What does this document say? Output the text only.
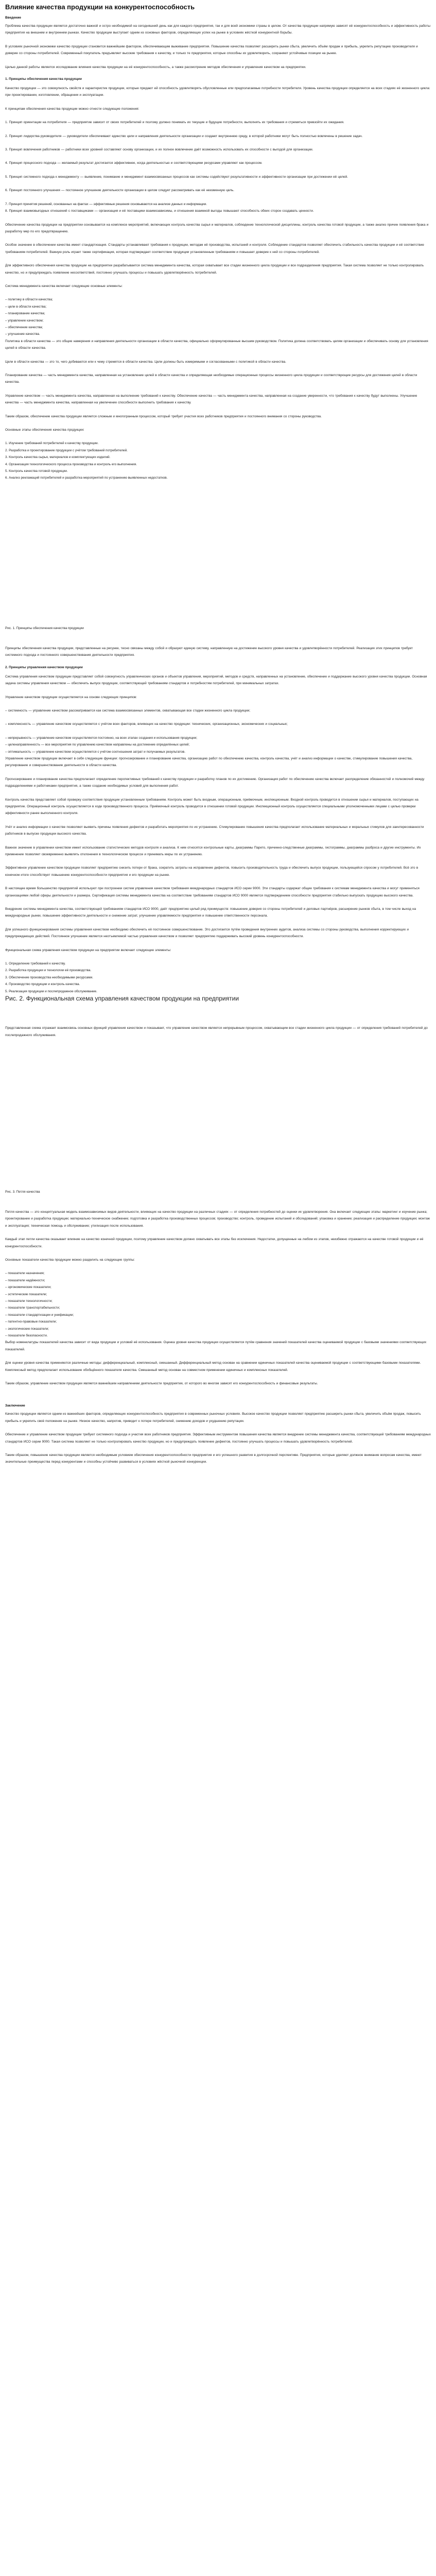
Влияние качества продукции на конкурентоспособность
Введение

Проблема качества продукции является достаточно важной и остро необходимой на сегодняшний день как для каждого предприятия, так и для всей экономики страны в целом. От качества продукции напрямую зависят её конкурентоспособность и эффективность работы предприятия на внешнем и внутреннем рынках. Качество продукции выступает одним из основных факторов, определяющих успех на рынке в условиях жёсткой конкурентной борьбы.

В условиях рыночной экономики качество продукции становится важнейшим фактором, обеспечивающим выживание предприятия. Повышение качества позволяет расширить рынки сбыта, увеличить объём продаж и прибыль, укрепить репутацию производителя и доверие со стороны потребителей. Современный покупатель предъявляет высокие требования к качеству, и только те предприятия, которые способны их удовлетворить, сохраняют устойчивые позиции на рынке.

Целью данной работы является исследование влияния качества продукции на её конкурентоспособность, а также рассмотрение методов обеспечения и управления качеством на предприятии.

1. Принципы обеспечения качества продукции

Качество продукции — это совокупность свойств и характеристик продукции, которые придают ей способность удовлетворять обусловленные или предполагаемые потребности потребителя. Уровень качества продукции определяется на всех стадиях её жизненного цикла: при проектировании, изготовлении, обращении и эксплуатации.

К принципам обеспечения качества продукции можно отнести следующие положения:

1. Принцип ориентации на потребителя — предприятие зависит от своих потребителей и поэтому должно понимать их текущие и будущие потребности, выполнять их требования и стремиться превзойти их ожидания.

2. Принцип лидерства руководителя — руководители обеспечивают единство цели и направления деятельности организации и создают внутреннюю среду, в которой работники могут быть полностью вовлечены в решение задач.

3. Принцип вовлечения работников — работники всех уровней составляют основу организации, и их полное вовлечение даёт возможность использовать их способности с выгодой для организации.

4. Принцип процессного подхода — желаемый результат достигается эффективнее, когда деятельностью и соответствующими ресурсами управляют как процессом.

5. Принцип системного подхода к менеджменту — выявление, понимание и менеджмент взаимосвязанных процессов как системы содействуют результативности и эффективности организации при достижении её целей.

6. Принцип постоянного улучшения — постоянное улучшение деятельности организации в целом следует рассматривать как её неизменную цель.

7. Принцип принятия решений, основанных на фактах — эффективные решения основываются на анализе данных и информации.

8. Принцип взаимовыгодных отношений с поставщиками — организация и её поставщики взаимозависимы, и отношения взаимной выгоды повышают способность обеих сторон создавать ценности.

Обеспечение качества продукции на предприятии основывается на комплексе мероприятий, включающих контроль качества сырья и материалов, соблюдение технологической дисциплины, контроль качества готовой продукции, а также анализ причин появления брака и разработку мер по его предотвращению.

Особое значение в обеспечении качества имеет стандартизация. Стандарты устанавливают требования к продукции, методам её производства, испытаний и контроля. Соблюдение стандартов позволяет обеспечить стабильность качества продукции и её соответствие требованиям потребителей. Важную роль играет также сертификация, которая подтверждает соответствие продукции установленным требованиям и повышает доверие к ней со стороны потребителей.

Для эффективного обеспечения качества продукции на предприятии разрабатывается система менеджмента качества, которая охватывает все стадии жизненного цикла продукции и все подразделения предприятия. Такая система позволяет не только контролировать качество, но и предупреждать появление несоответствий, постоянно улучшать процессы и повышать удовлетворённость потребителей.

Система менеджмента качества включает следующие основные элементы:

– политику в области качества;

– цели в области качества;

– планирование качества;

– управление качеством;

– обеспечение качества;

– улучшение качества.

Политика в области качества — это общие намерения и направления деятельности организации в области качества, официально сформулированные высшим руководством. Политика должна соответствовать целям организации и обеспечивать основу для установления целей в области качества.

Цели в области качества — это то, чего добиваются или к чему стремятся в области качества. Цели должны быть измеримыми и согласованными с политикой в области качества.

Планирование качества — часть менеджмента качества, направленная на установление целей в области качества и определяющая необходимые операционные процессы жизненного цикла продукции и соответствующие ресурсы для достижения целей в области качества.

Управление качеством — часть менеджмента качества, направленная на выполнение требований к качеству. Обеспечение качества — часть менеджмента качества, направленная на создание уверенности, что требования к качеству будут выполнены. Улучшение качества — часть менеджмента качества, направленная на увеличение способности выполнить требования к качеству.

Таким образом, обеспечение качества продукции является сложным и многогранным процессом, который требует участия всех работников предприятия и постоянного внимания со стороны руководства.

Основные этапы обеспечения качества продукции:

1. Изучение требований потребителей к качеству продукции.

2. Разработка и проектирование продукции с учётом требований потребителей.

3. Контроль качества сырья, материалов и комплектующих изделий.

4. Организация технологического процесса производства и контроль его выполнения.

5. Контроль качества готовой продукции.

6. Анализ рекламаций потребителей и разработка мероприятий по устранению выявленных недостатков.

Рис. 1. Принципы обеспечения качества продукции

Принципы обеспечения качества продукции, представленные на рисунке, тесно связаны между собой и образуют единую систему, направленную на достижение высокого уровня качества и удовлетворённости потребителей. Реализация этих принципов требует системного подхода и постоянного совершенствования деятельности предприятия.

2. Принципы управления качеством продукции

Система управления качеством продукции представляет собой совокупность управленческих органов и объектов управления, мероприятий, методов и средств, направленных на установление, обеспечение и поддержание высокого уровня качества продукции. Основная задача системы управления качеством — обеспечить выпуск продукции, соответствующей требованиям стандартов и потребностям потребителей, при минимальных затратах.

Управление качеством продукции осуществляется на основе следующих принципов:

– системность — управление качеством рассматривается как система взаимосвязанных элементов, охватывающая все стадии жизненного цикла продукции;

– комплексность — управление качеством осуществляется с учётом всех факторов, влияющих на качество продукции: технических, организационных, экономических и социальных;

– непрерывность — управление качеством осуществляется постоянно, на всех этапах создания и использования продукции;

– целенаправленность — все мероприятия по управлению качеством направлены на достижение определённых целей;

– оптимальность — управление качеством осуществляется с учётом соотношения затрат и получаемых результатов.

Управление качеством продукции включает в себя следующие функции: прогнозирование и планирование качества, организацию работ по обеспечению качества, контроль качества, учёт и анализ информации о качестве, стимулирование повышения качества, регулирование и совершенствование деятельности в области качества.

Прогнозирование и планирование качества предполагают определение перспективных требований к качеству продукции и разработку планов по их достижению. Организация работ по обеспечению качества включает распределение обязанностей и полномочий между подразделениями и работниками предприятия, а также создание необходимых условий для выполнения работ.

Контроль качества представляет собой проверку соответствия продукции установленным требованиям. Контроль может быть входным, операционным, приёмочным, инспекционным. Входной контроль проводится в отношении сырья и материалов, поступающих на предприятие. Операционный контроль осуществляется в ходе производственного процесса. Приёмочный контроль проводится в отношении готовой продукции. Инспекционный контроль осуществляется специальными уполномоченными лицами с целью проверки эффективности ранее выполненного контроля.

Учёт и анализ информации о качестве позволяют выявить причины появления дефектов и разработать мероприятия по их устранению. Стимулирование повышения качества предполагает использование материальных и моральных стимулов для заинтересованности работников в выпуске продукции высокого качества.

Важное значение в управлении качеством имеет использование статистических методов контроля и анализа. К ним относятся контрольные карты, диаграммы Парето, причинно-следственные диаграммы, гистограммы, диаграммы разброса и другие инструменты. Их применение позволяет своевременно выявлять отклонения в технологическом процессе и принимать меры по их устранению.

Эффективное управление качеством продукции позволяет предприятию снизить потери от брака, сократить затраты на исправление дефектов, повысить производительность труда и обеспечить выпуск продукции, пользующейся спросом у потребителей. Всё это в конечном итоге способствует повышению конкурентоспособности предприятия и его продукции на рынке.

В настоящее время большинство предприятий используют при построении систем управления качеством требования международных стандартов ИСО серии 9000. Эти стандарты содержат общие требования к системам менеджмента качества и могут применяться организациями любой сферы деятельности и размера. Сертификация системы менеджмента качества на соответствие требованиям стандартов ИСО 9000 является подтверждением способности предприятия стабильно выпускать продукцию высокого качества.

Внедрение системы менеджмента качества, соответствующей требованиям стандартов ИСО 9000, даёт предприятию целый ряд преимуществ: повышение доверия со стороны потребителей и деловых партнёров, расширение рынков сбыта, в том числе выход на международные рынки, повышение эффективности деятельности и снижение затрат, улучшение управляемости предприятия и повышение ответственности персонала.

Для успешного функционирования системы управления качеством необходимо обеспечить её постоянное совершенствование. Это достигается путём проведения внутренних аудитов, анализа системы со стороны руководства, выполнения корректирующих и предупреждающих действий. Постоянное улучшение является неотъемлемой частью управления качеством и позволяет предприятию поддерживать высокий уровень конкурентоспособности.

Функциональная схема управления качеством продукции на предприятии включает следующие элементы:

1. Определение требований к качеству.

2. Разработка продукции и технологии её производства.

3. Обеспечение производства необходимыми ресурсами.

4. Производство продукции и контроль качества.

5. Реализация продукции и послепродажное обслуживание.

Рис. 2. Функциональная схема управления качеством продукции на предприятии

Представленная схема отражает взаимосвязь основных функций управления качеством и показывает, что управление качеством является непрерывным процессом, охватывающим все стадии жизненного цикла продукции — от определения требований потребителей до послепродажного обслуживания.

Рис. 3. Петля качества

Петля качества — это концептуальная модель взаимозависимых видов деятельности, влияющих на качество продукции на различных стадиях — от определения потребностей до оценки их удовлетворения. Она включает следующие этапы: маркетинг и изучение рынка; проектирование и разработка продукции; материально-техническое снабжение; подготовка и разработка производственных процессов; производство; контроль, проведение испытаний и обследований; упаковка и хранение; реализация и распределение продукции; монтаж и эксплуатация; техническая помощь и обслуживание; утилизация после использования.

Каждый этап петли качества оказывает влияние на качество конечной продукции, поэтому управление качеством должно охватывать все этапы без исключения. Недостатки, допущенные на любом из этапов, неизбежно отражаются на качестве готовой продукции и её конкурентоспособности.

Основные показатели качества продукции можно разделить на следующие группы:

– показатели назначения;

– показатели надёжности;

– эргономические показатели;

– эстетические показатели;

– показатели технологичности;

– показатели транспортабельности;

– показатели стандартизации и унификации;

– патентно-правовые показатели;

– экологические показатели;

– показатели безопасности.

Выбор номенклатуры показателей качества зависит от вида продукции и условий её использования. Оценка уровня качества продукции осуществляется путём сравнения значений показателей качества оцениваемой продукции с базовыми значениями соответствующих показателей.

Для оценки уровня качества применяются различные методы: дифференциальный, комплексный, смешанный. Дифференциальный метод основан на сравнении единичных показателей качества оцениваемой продукции с соответствующими базовыми показателями. Комплексный метод предполагает использование обобщённого показателя качества. Смешанный метод основан на совместном применении единичных и комплексных показателей.

Таким образом, управление качеством продукции является важнейшим направлением деятельности предприятия, от которого во многом зависят его конкурентоспособность и финансовые результаты.

Заключение

Качество продукции является одним из важнейших факторов, определяющих конкурентоспособность предприятия в современных рыночных условиях. Высокое качество продукции позволяет предприятию расширить рынки сбыта, увеличить объём продаж, повысить прибыль и укрепить своё положение на рынке. Низкое качество, напротив, приводит к потере потребителей, снижению доходов и ухудшению репутации.

Обеспечение и управление качеством продукции требуют системного подхода и участия всех работников предприятия. Эффективным инструментом повышения качества является внедрение системы менеджмента качества, соответствующей требованиям международных стандартов ИСО серии 9000. Такая система позволяет не только контролировать качество продукции, но и предупреждать появление дефектов, постоянно улучшать процессы и повышать удовлетворённость потребителей.

Таким образом, повышение качества продукции является необходимым условием обеспечения конкурентоспособности предприятия и его успешного развития в долгосрочной перспективе. Предприятия, которые уделяют должное внимание вопросам качества, имеют значительные преимущества перед конкурентами и способны устойчиво развиваться в условиях жёсткой рыночной конкуренции.
